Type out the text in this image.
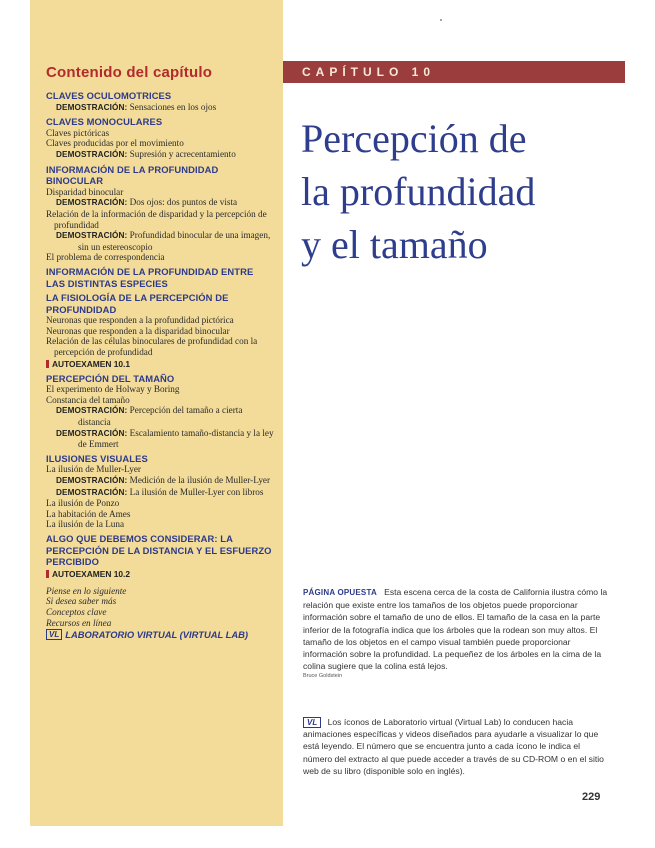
Contenido del capítulo
CLAVES OCULOMOTRICES
DEMOSTRACIÓN: Sensaciones en los ojos
CLAVES MONOCULARES
Claves pictóricas
Claves producidas por el movimiento
DEMOSTRACIÓN: Supresión y acrecentamiento
INFORMACIÓN DE LA PROFUNDIDAD BINOCULAR
Disparidad binocular
DEMOSTRACIÓN: Dos ojos: dos puntos de vista
Relación de la información de disparidad y la percepción de profundidad
DEMOSTRACIÓN: Profundidad binocular de una imagen, sin un estereoscopio
El problema de correspondencia
INFORMACIÓN DE LA PROFUNDIDAD ENTRE LAS DISTINTAS ESPECIES
LA FISIOLOGÍA DE LA PERCEPCIÓN DE PROFUNDIDAD
Neuronas que responden a la profundidad pictórica
Neuronas que responden a la disparidad binocular
Relación de las células binoculares de profundidad con la percepción de profundidad
AUTOEXAMEN 10.1
PERCEPCIÓN DEL TAMAÑO
El experimento de Holway y Boring
Constancia del tamaño
DEMOSTRACIÓN: Percepción del tamaño a cierta distancia
DEMOSTRACIÓN: Escalamiento tamaño-distancia y la ley de Emmert
ILUSIONES VISUALES
La ilusión de Muller-Lyer
DEMOSTRACIÓN: Medición de la ilusión de Muller-Lyer
DEMOSTRACIÓN: La ilusión de Muller-Lyer con libros
La ilusión de Ponzo
La habitación de Ames
La ilusión de la Luna
ALGO QUE DEBEMOS CONSIDERAR: LA PERCEPCIÓN DE LA DISTANCIA Y EL ESFUERZO PERCIBIDO
AUTOEXAMEN 10.2
Piense en lo siguiente
Si desea saber más
Conceptos clave
Recursos en línea
VL LABORATORIO VIRTUAL (VIRTUAL LAB)
CAPÍTULO 10
Percepción de
la profundidad
y el tamaño
PÁGINA OPUESTA Esta escena cerca de la costa de California ilustra cómo la relación que existe entre los tamaños de los objetos puede proporcionar información sobre el tamaño de uno de ellos. El tamaño de la casa en la parte inferior de la fotografía indica que los árboles que la rodean son muy altos. El tamaño de los objetos en el campo visual también puede proporcionar información sobre la profundidad. La pequeñez de los árboles en la cima de la colina sugiere que la colina está lejos.
Bruce Goldstein
VL Los íconos de Laboratorio virtual (Virtual Lab) lo conducen hacia animaciones específicas y videos diseñados para ayudarle a visualizar lo que está leyendo. El número que se encuentra junto a cada ícono le indica el número del extracto al que puede acceder a través de su CD-ROM o en el sitio web de su libro (disponible solo en inglés).
229
